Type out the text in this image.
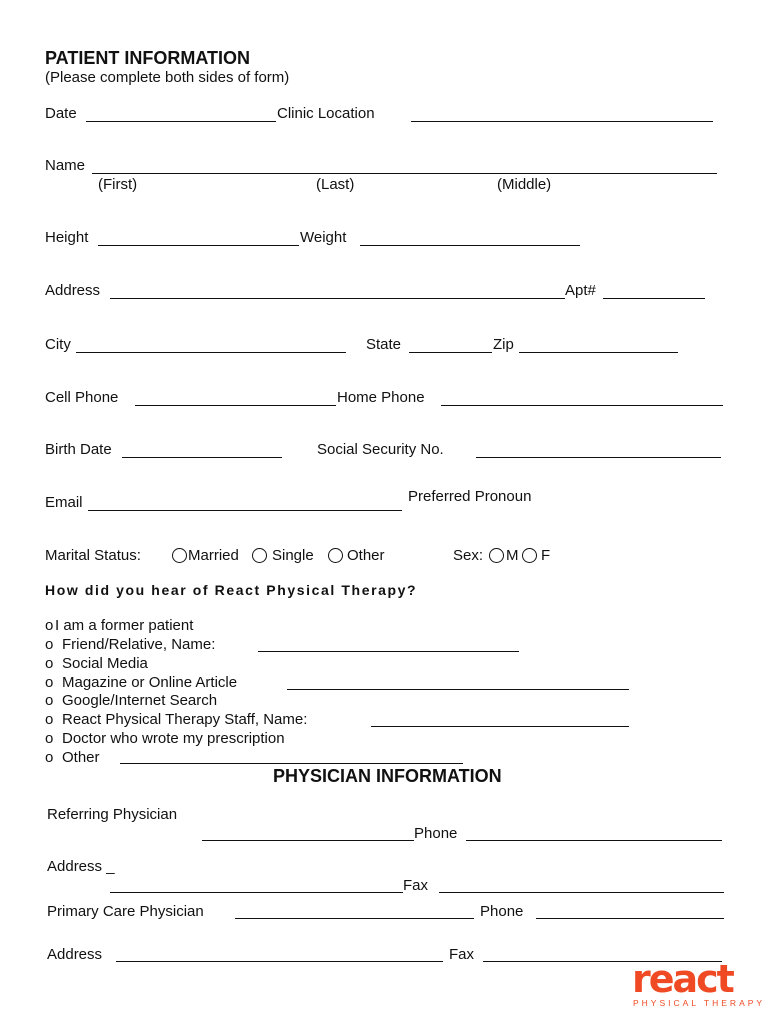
PATIENT INFORMATION
(Please complete both sides of form)
Date	Clinic Location
Name
(First)	(Last)	(Middle)
Height	Weight
Address	Apt#
City	State	Zip
Cell Phone	Home Phone
Birth Date	Social Security No.
Email	Preferred Pronoun
Marital Status:	Married Single Other	Sex: M F
How did you hear of React Physical Therapy?
o I am a former patient
o Friend/Relative, Name:
o Social Media
o Magazine or Online Article
o Google/Internet Search
o React Physical Therapy Staff, Name:
o Doctor who wrote my prescription
o Other
PHYSICIAN INFORMATION
Referring Physician
Phone
Address _
Fax
Primary Care Physician	Phone
Address	Fax
react
PHYSICAL THERAPY
